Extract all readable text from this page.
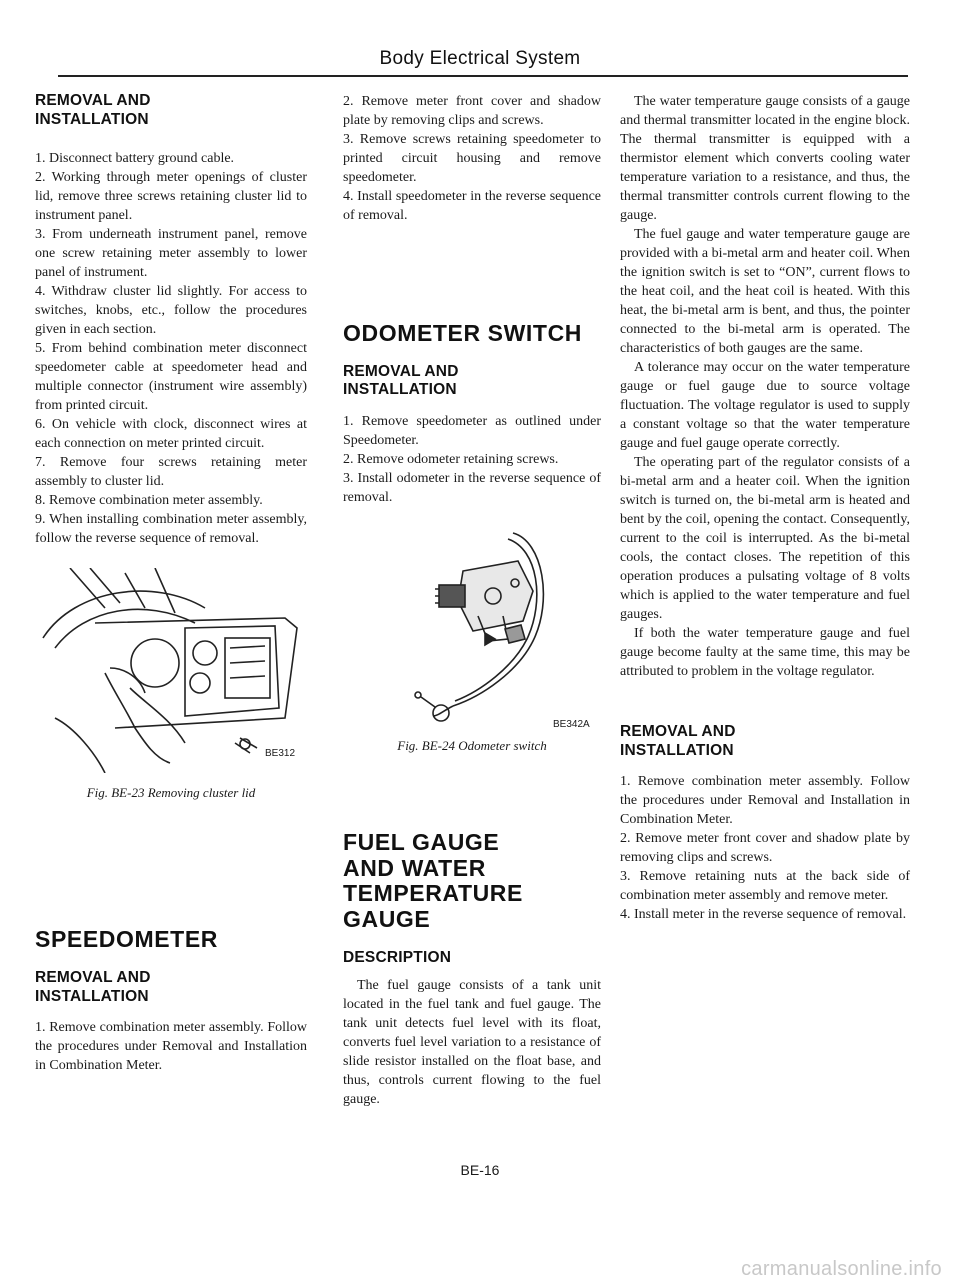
Body Electrical System
REMOVAL AND INSTALLATION

1. Disconnect battery ground cable.

2. Working through meter openings of cluster lid, remove three screws retaining cluster lid to instrument panel.

3. From underneath instrument panel, remove one screw retaining meter assembly to lower panel of instrument.

4. Withdraw cluster lid slightly. For access to switches, knobs, etc., follow the procedures given in each section.

5. From behind combination meter disconnect speedometer cable at speedometer head and multiple connector (instrument wire assembly) from printed circuit.

6. On vehicle with clock, disconnect wires at each connection on meter printed circuit.

7. Remove four screws retaining meter assembly to cluster lid.

8. Remove combination meter assembly.

9. When installing combination meter assembly, follow the reverse sequence of removal.

BE312
Fig. BE-23 Removing cluster lid
SPEEDOMETER
REMOVAL AND INSTALLATION

1. Remove combination meter assembly. Follow the procedures under Removal and Installation in Combination Meter.

2. Remove meter front cover and shadow plate by removing clips and screws.

3. Remove screws retaining speedometer to printed circuit housing and remove speedometer.

4. Install speedometer in the reverse sequence of removal.

ODOMETER SWITCH
REMOVAL AND INSTALLATION

1. Remove speedometer as outlined under Speedometer.

2. Remove odometer retaining screws.

3. Install odometer in the reverse sequence of removal.

BE342A
Fig. BE-24 Odometer switch
FUEL GAUGE AND WATER TEMPERATURE GAUGE
DESCRIPTION

The fuel gauge consists of a tank unit located in the fuel tank and fuel gauge. The tank unit detects fuel level with its float, converts fuel level variation to a resistance of slide resistor installed on the float base, and thus, controls current flowing to the fuel gauge.

The water temperature gauge consists of a gauge and thermal transmitter located in the engine block. The thermal transmitter is equipped with a thermistor element which converts cooling water temperature variation to a resistance, and thus, the thermal transmitter controls current flowing to the gauge.

The fuel gauge and water temperature gauge are provided with a bi-metal arm and heater coil. When the ignition switch is set to “ON”, current flows to the heat coil, and the heat coil is heated. With this heat, the bi-metal arm is bent, and thus, the pointer connected to the bi-metal arm is operated. The characteristics of both gauges are the same.

A tolerance may occur on the water temperature gauge or fuel gauge due to source voltage fluctuation. The voltage regulator is used to supply a constant voltage so that the water temperature gauge and fuel gauge operate correctly.

The operating part of the regulator consists of a bi-metal arm and a heater coil. When the ignition switch is turned on, the bi-metal arm is heated and bent by the coil, opening the contact. Consequently, current to the coil is interrupted. As the bi-metal cools, the contact closes. The repetition of this operation produces a pulsating voltage of 8 volts which is applied to the water temperature and fuel gauges.

If both the water temperature gauge and fuel gauge become faulty at the same time, this may be attributed to problem in the voltage regulator.

REMOVAL AND INSTALLATION

1. Remove combination meter assembly. Follow the procedures under Removal and Installation in Combination Meter.

2. Remove meter front cover and shadow plate by removing clips and screws.

3. Remove retaining nuts at the back side of combination meter assembly and remove meter.

4. Install meter in the reverse sequence of removal.

BE-16
carmanualsonline.info
